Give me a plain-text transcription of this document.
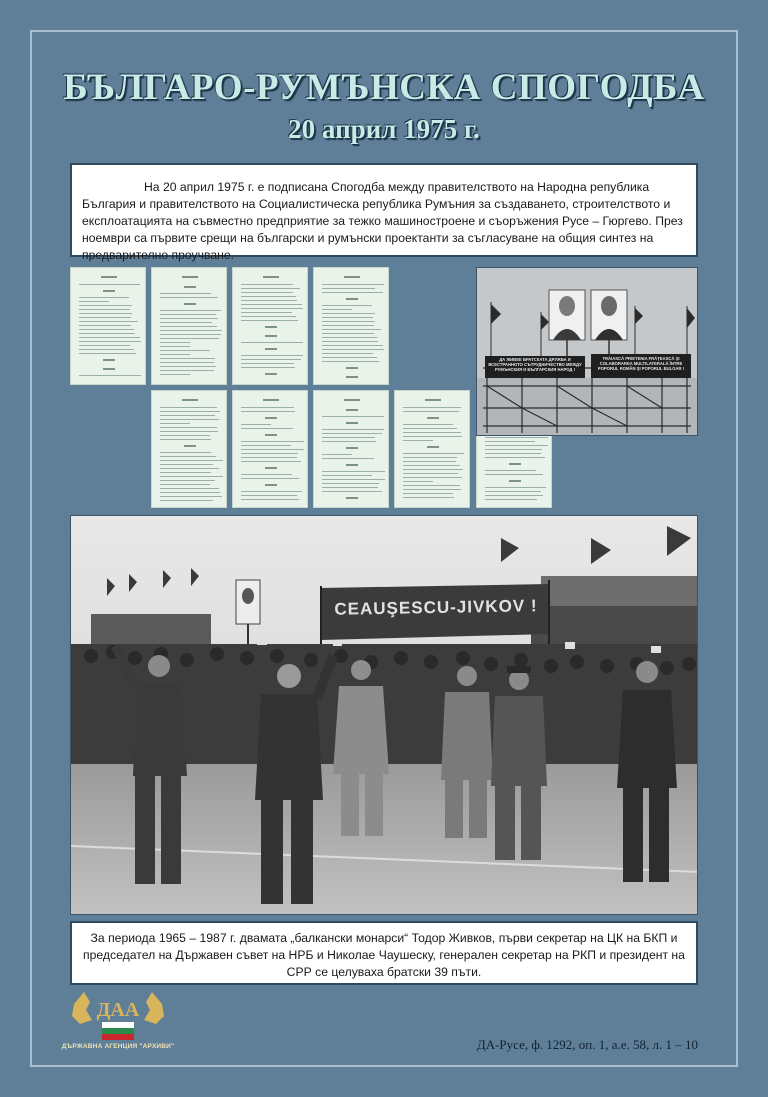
БЪЛГАРО-РУМЪНСКА СПОГОДБА
20 април 1975 г.

На 20 април 1975 г. е подписана Спогодба между правителството на Народна република България и правителството на Социалистическа република Румъния за създаването, строителството и експлоатацията на съвместно предприятие за тежко машиностроене и съоръжения Русе – Гюргево. През ноември са първите срещи на български и румънски проектанти за съгласуване на общия синтез на предварително проучване.

ДА ЖИВЕЕ БРАТСКАТА ДРУЖБА И ВСЕСТРАННОТО СЪТРУДНИЧЕСТВО МЕЖДУ РУМЪНСКИЯ И БЪЛГАРСКИЯ НАРОД !
TRĂIASCĂ PRIETENIA FRĂŢEASCĂ ŞI COLABORAREA MULTILATERALĂ ÎNTRE POPORUL ROMÂN ŞI POPORUL BULGAR !
CEAUŞESCU-JIVKOV !

За периода 1965 – 1987 г. двамата „балкански монарси“ Тодор Живков, първи секретар на ЦК на БКП и председател на Държавен съвет на НРБ и Николае Чаушеску, генерален секретар на РКП и президент на СРР се целуваха братски 39 пъти.

ДАА
ДЪРЖАВНА АГЕНЦИЯ "АРХИВИ"	ДА-Русе, ф. 1292, оп. 1, а.е. 58, л. 1 – 10
